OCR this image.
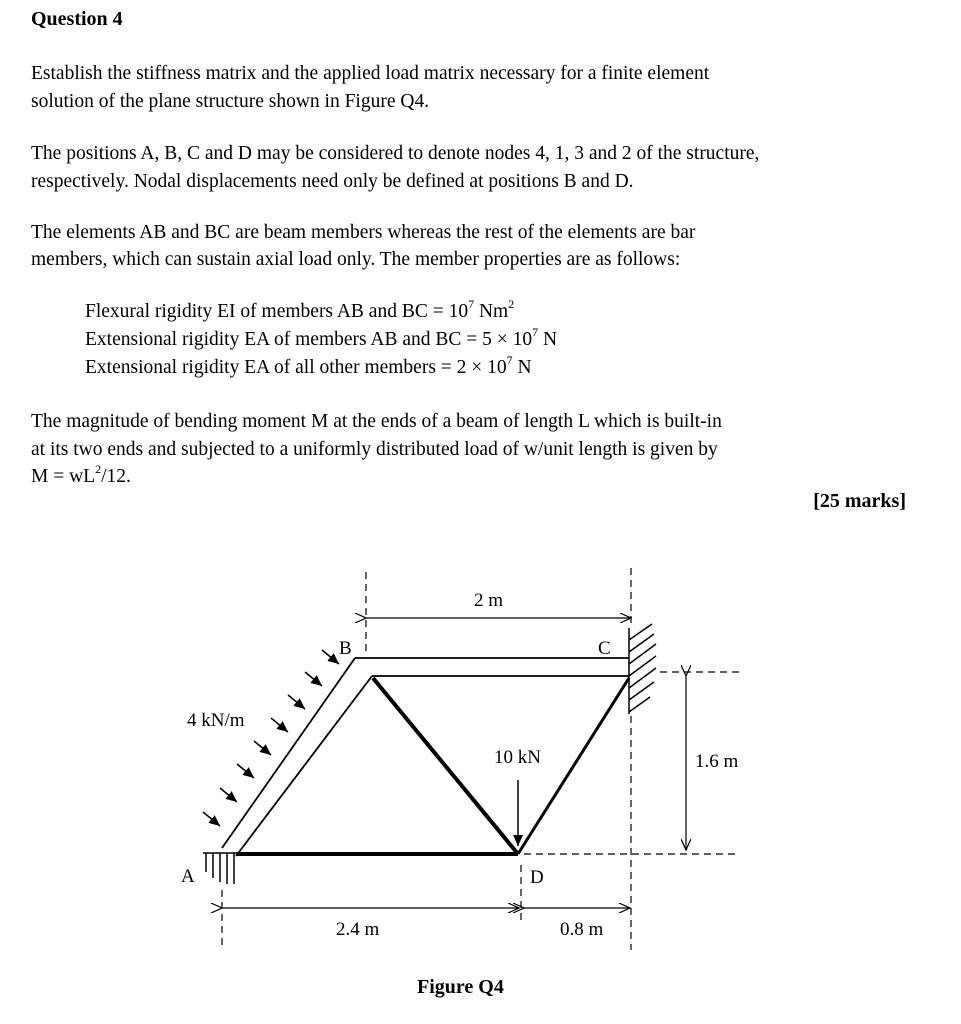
Question 4
Establish the stiffness matrix and the applied load matrix necessary for a finite element
solution of the plane structure shown in Figure Q4.
The positions A, B, C and D may be considered to denote nodes 4, 1, 3 and 2 of the structure,
respectively. Nodal displacements need only be defined at positions B and D.
The elements AB and BC are beam members whereas the rest of the elements are bar
members, which can sustain axial load only. The member properties are as follows:
Flexural rigidity EI of members AB and BC = $10^7$ Nm$^2$
Extensional rigidity EA of members AB and BC = $5 \times 10^7$ N
Extensional rigidity EA of all other members = $2 \times 10^7$ N
The magnitude of bending moment M at the ends of a beam of length L which is built-in
at its two ends and subjected to a uniformly distributed load of w/unit length is given by
$M = wL^2/12$.
[25 marks]
A
B	C
D
4 kN/m
10 kN
2 m
1.6 m
2.4 m	0.8 m
Figure Q4
